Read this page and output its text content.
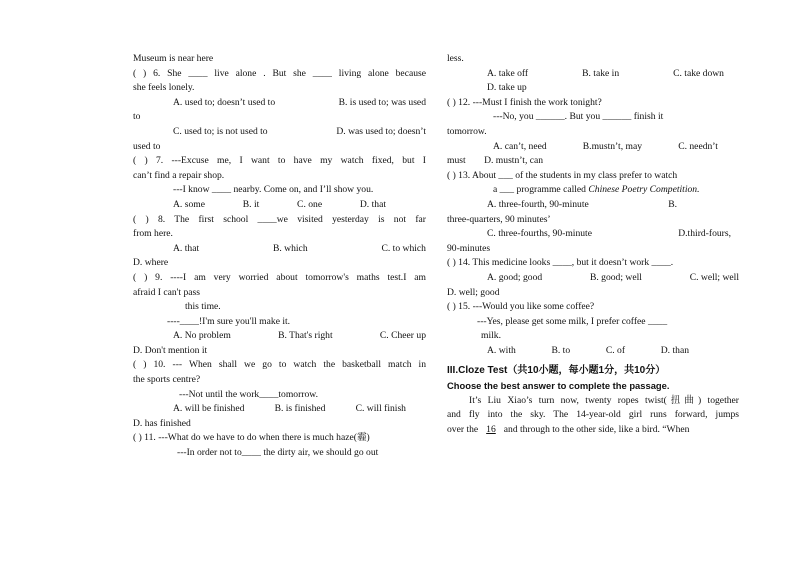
Museum is near here
( ) 6. She ____ live alone . But she ____ living alone because
she feels lonely.
A. used to; doesn’t used to	B. is used to; was used
to
C. used to; is not used to	D. was used to; doesn’t
used to
( ) 7. ---Excuse me, I want to have my watch fixed, but I
can’t find a repair shop.
---I know ____ nearby. Come on, and I’ll show you.
A. some	B. it	C. one	D. that
( ) 8. The first school ____we visited yesterday is not far
from here.
A. that	B. which	C. to which
D. where
( ) 9. ----I am very worried about tomorrow's maths test.I am
afraid I can't pass
this time.
----____!I'm sure you'll make it.
A. No problem	B. That's right	C. Cheer up
D. Don't mention it
( ) 10. --- When shall we go to watch the basketball match in
the sports centre?
---Not until the work____tomorrow.
A. will be finished	B. is finished	C. will finish
D. has finished
( ) 11. ---What do we have to do when there is much haze(霾)
---In order not to____ the dirty air, we should go out
less.
A. take off	B. take in	C. take down
D. take up
( ) 12. ---Must I finish the work tonight?
---No, you ______. But you ______ finish it
tomorrow.
A. can’t, need	B.mustn’t, may	C. needn’t
must D. mustn’t, can
( ) 13. About ___ of the students in my class prefer to watch
a ___ programme called Chinese Poetry Competition.
A. three-fourth, 90-minute	B.
three-quarters, 90 minutes’
C. three-fourths, 90-minute	D.third-fours,
90-minutes
( ) 14. This medicine looks ____, but it doesn’t work ____.
A. good; good	B. good; well	C. well; well
D. well; good
( ) 15. ---Would you like some coffee?
---Yes, please get some milk, I prefer coffee ____
milk.
A. with	B. to	C. of	D. than
III.Cloze Test（共10小题，每小题1分，共10分）
Choose the best answer to complete the passage.
It’s Liu Xiao’s turn now, twenty ropes twist(扭曲) together
and fly into the sky. The 14-year-old girl runs forward, jumps
over the 16 and through to the other side, like a bird. “When
